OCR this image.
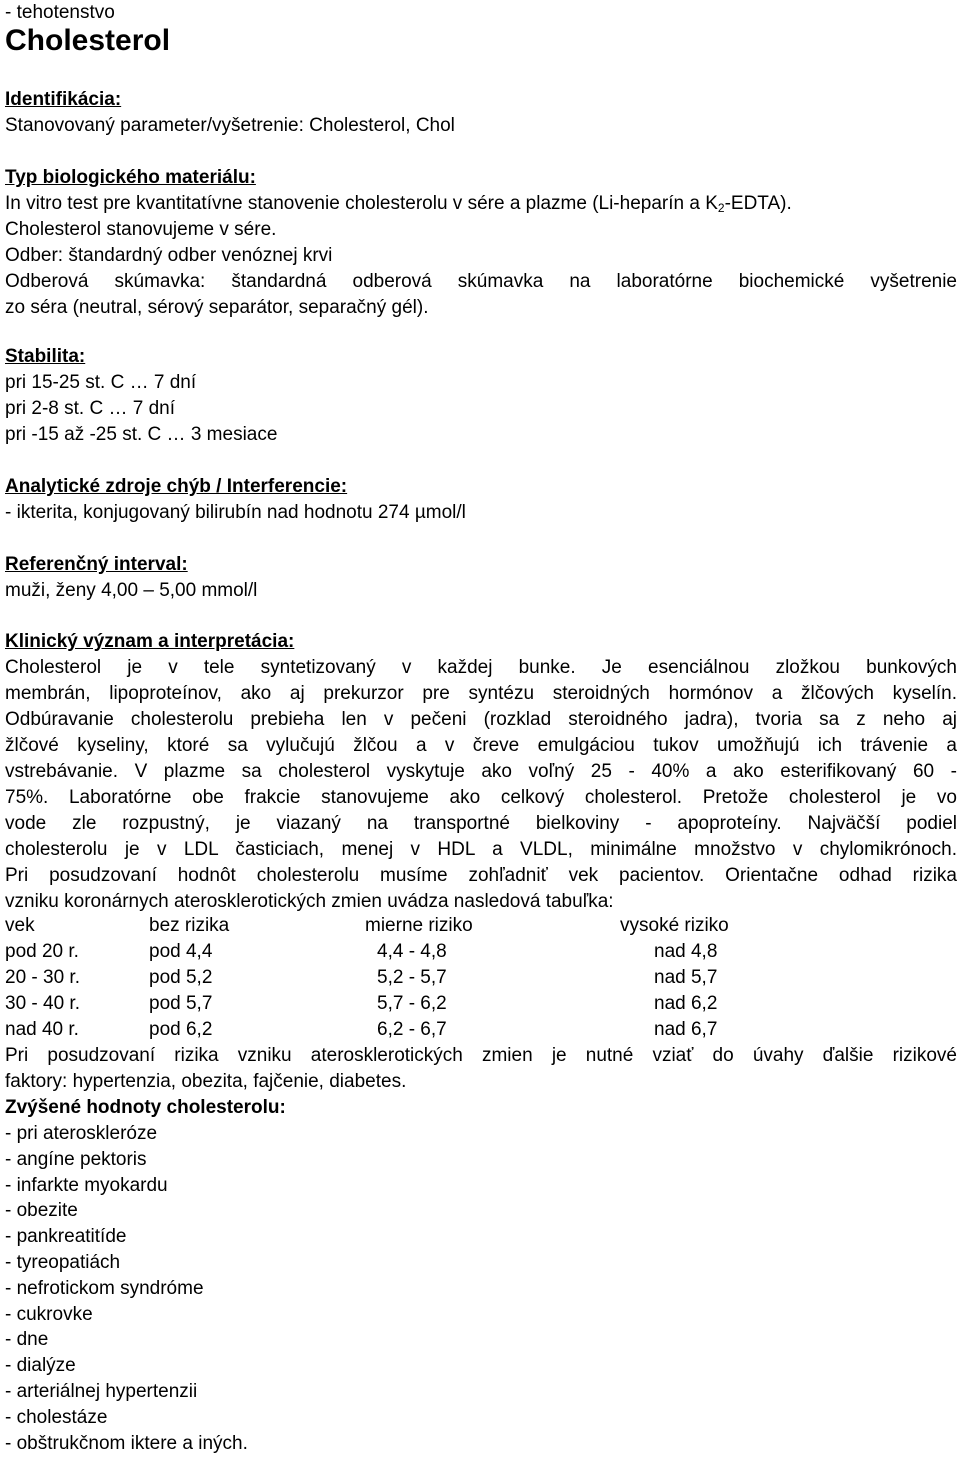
- tehotenstvo
Cholesterol
Identifikácia:
Stanovovaný parameter/vyšetrenie: Cholesterol, Chol
Typ biologického materiálu:
In vitro test pre kvantitatívne stanovenie cholesterolu v sére a plazme (Li-heparín a $K_2-EDTA$).
Cholesterol stanovujeme v sére.
Odber: štandardný odber venóznej krvi
Odberová skúmavka: štandardná odberová skúmavka na laboratórne biochemické vyšetrenie
zo séra (neutral, sérový separátor, separačný gél).
Stabilita:
pri 15-25 st. C … 7 dní
pri 2-8 st. C … 7 dní
pri -15 až -25 st. C … 3 mesiace
Analytické zdroje chýb / Interferencie:
- ikterita, konjugovaný bilirubín nad hodnotu 274 µmol/l
Referenčný interval:
muži, ženy 4,00 – 5,00 mmol/l
Klinický význam a interpretácia:
Cholesterol je v tele syntetizovaný v každej bunke. Je esenciálnou zložkou bunkových
membrán, lipoproteínov, ako aj prekurzor pre syntézu steroidných hormónov a žlčových kyselín.
Odbúravanie cholesterolu prebieha len v pečeni (rozklad steroidného jadra), tvoria sa z neho aj
žlčové kyseliny, ktoré sa vylučujú žlčou a v čreve emulgáciou tukov umožňujú ich trávenie a
vstrebávanie. V plazme sa cholesterol vyskytuje ako voľný 25 - 40% a ako esterifikovaný 60 -
75%. Laboratórne obe frakcie stanovujeme ako celkový cholesterol. Pretože cholesterol je vo
vode zle rozpustný, je viazaný na transportné bielkoviny - apoproteíny. Najväčší podiel
cholesterolu je v LDL časticiach, menej v HDL a VLDL, minimálne množstvo v chylomikrónoch.
Pri posudzovaní hodnôt cholesterolu musíme zohľadniť vek pacientov. Orientačne odhad rizika
vzniku koronárnych aterosklerotických zmien uvádza nasledová tabuľka:
vek	bez rizika	mierne riziko	vysoké riziko
pod 20 r.	pod 4,4	4,4 - 4,8	nad 4,8
20 - 30 r.	pod 5,2	5,2 - 5,7	nad 5,7
30 - 40 r.	pod 5,7	5,7 - 6,2	nad 6,2
nad 40 r.	pod 6,2	6,2 - 6,7	nad 6,7
Pri posudzovaní rizika vzniku aterosklerotických zmien je nutné vziať do úvahy ďalšie rizikové
faktory: hypertenzia, obezita, fajčenie, diabetes.
Zvýšené hodnoty cholesterolu:
- pri ateroskleróze
- angíne pektoris
- infarkte myokardu
- obezite
- pankreatitíde
- tyreopatiách
- nefrotickom syndróme
- cukrovke
- dne
- dialýze
- arteriálnej hypertenzii
- cholestáze
- obštrukčnom iktere a iných.
